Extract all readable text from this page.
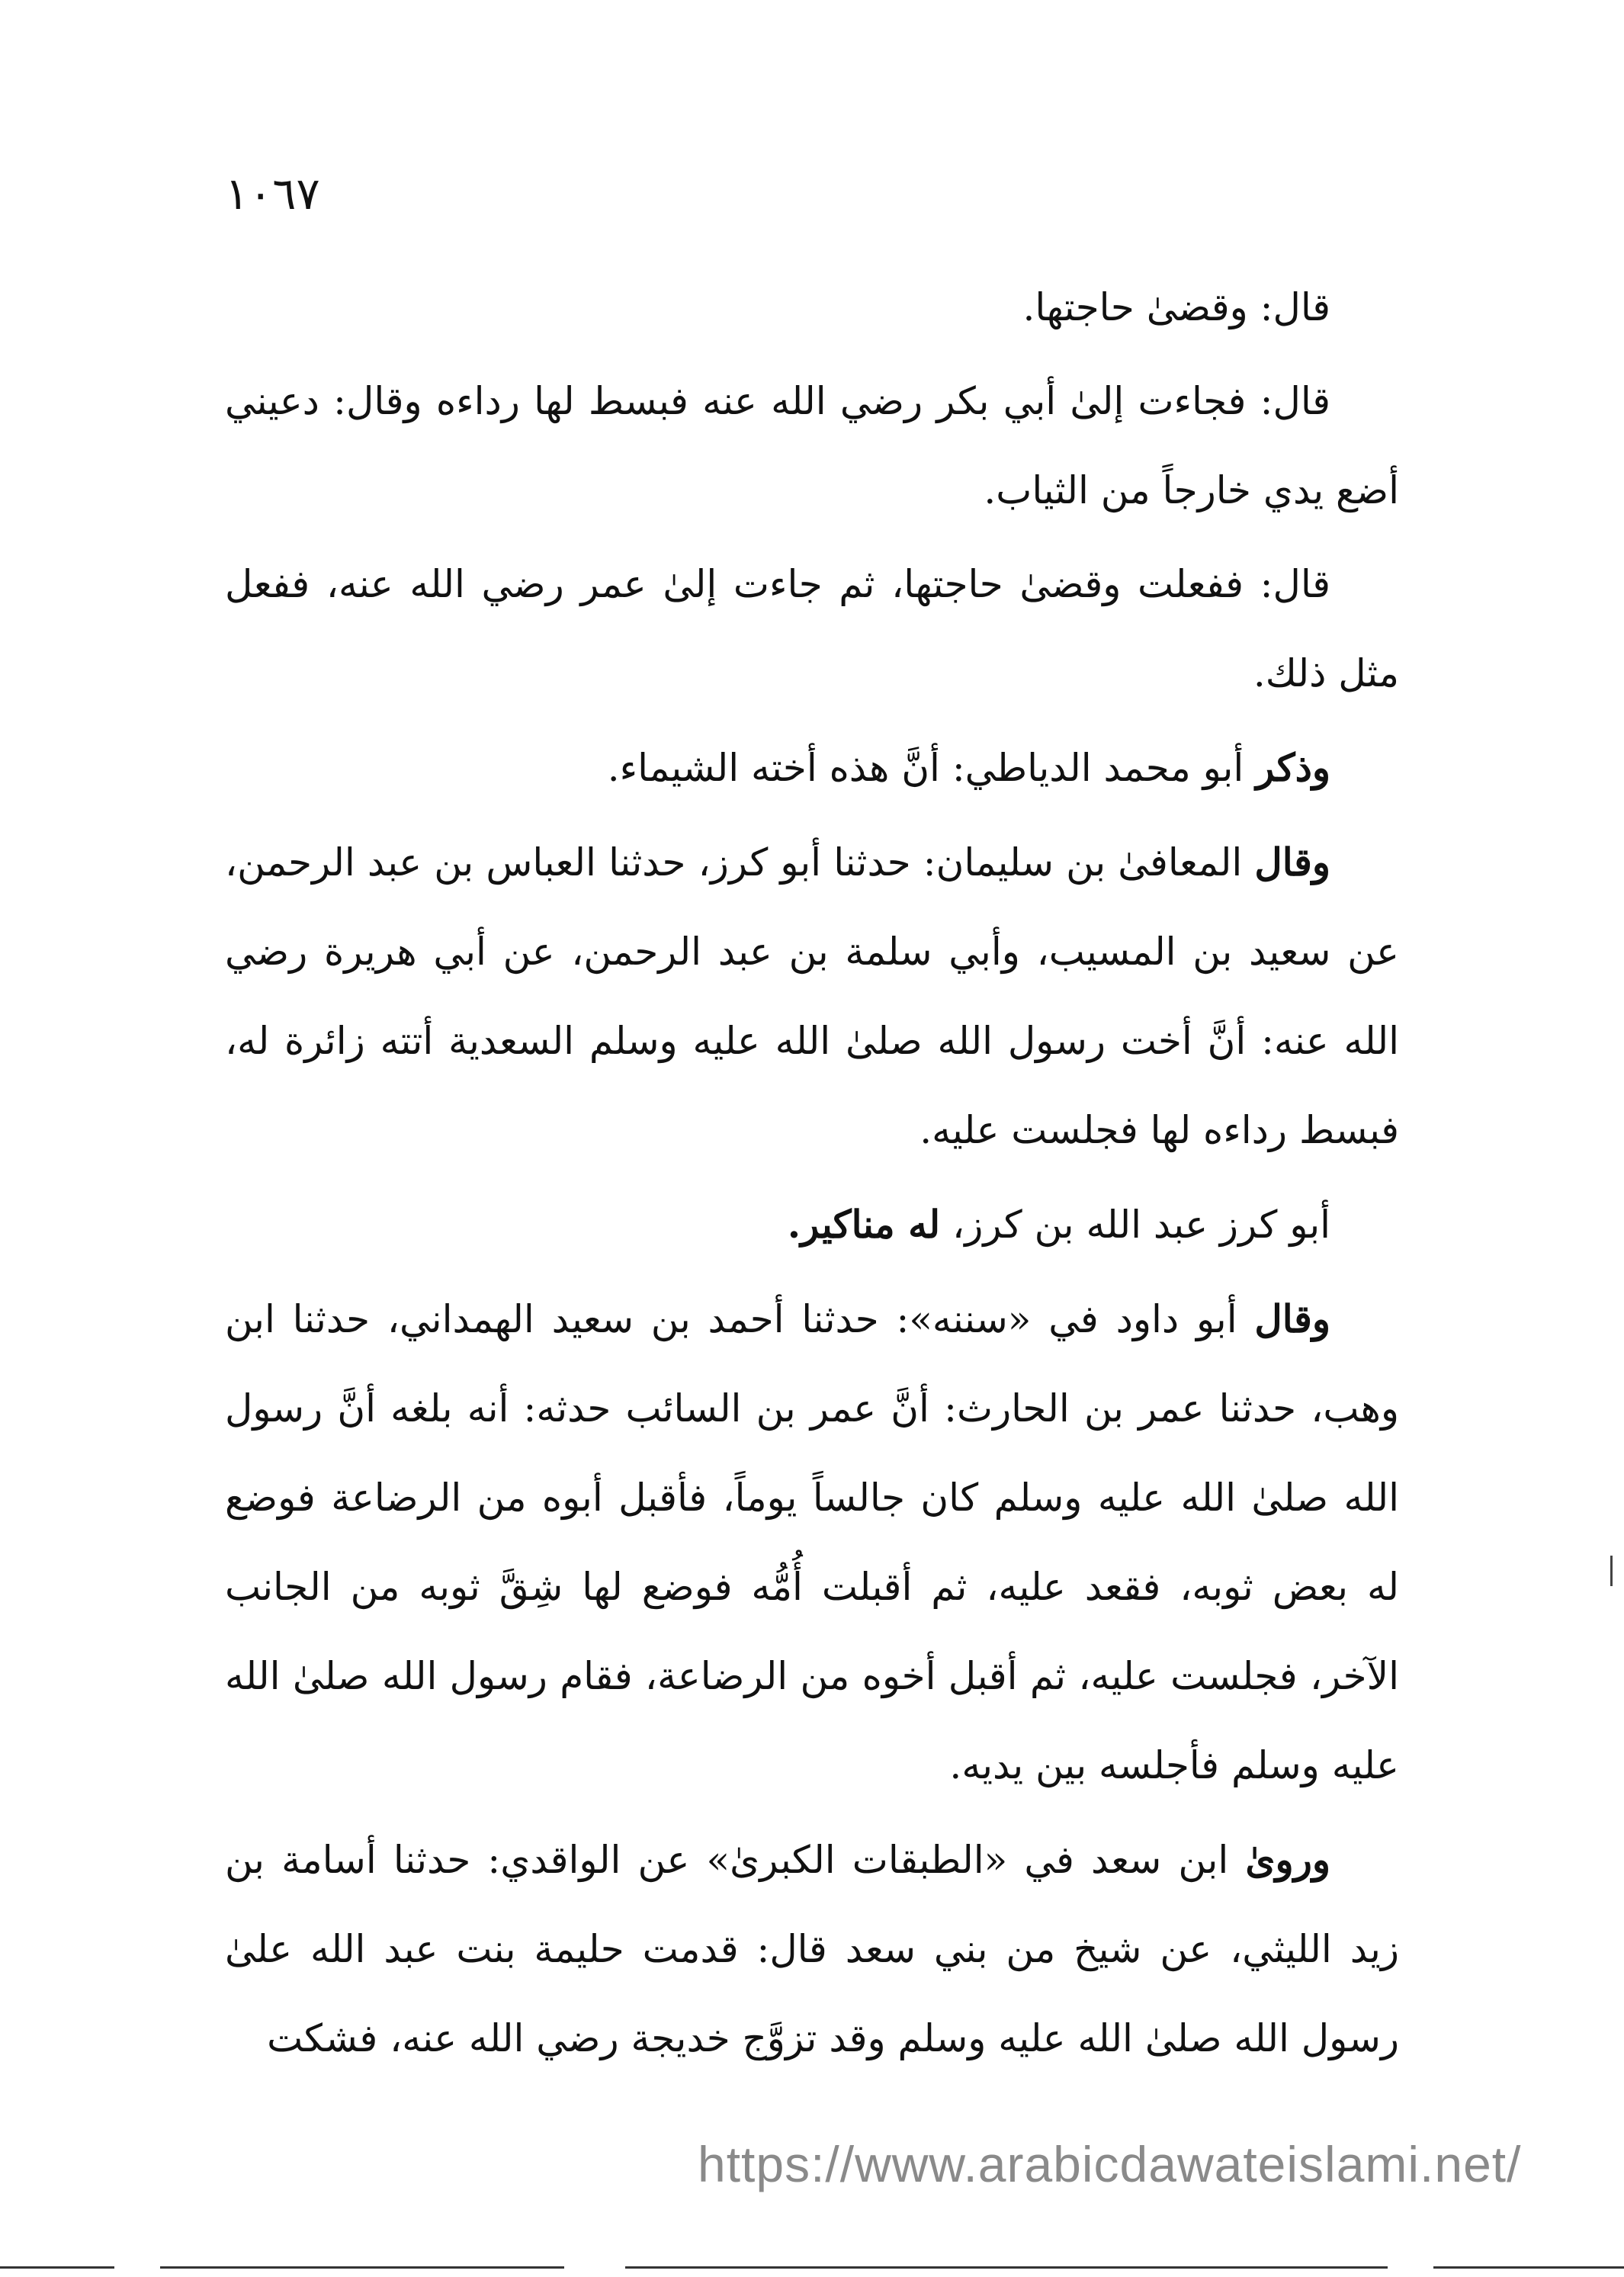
١٠٦٧

قال: وقضىٰ حاجتها.

قال: فجاءت إلىٰ أبي بكر رضي الله عنه فبسط لها رداءه وقال: دعيني أضع يدي خارجاً من الثياب.

قال: ففعلت وقضىٰ حاجتها، ثم جاءت إلىٰ عمر رضي الله عنه، ففعل مثل ذلك.

وذكر أبو محمد الدياطي: أنَّ هذه أخته الشيماء.

وقال المعافىٰ بن سليمان: حدثنا أبو كرز، حدثنا العباس بن عبد الرحمن، عن سعيد بن المسيب، وأبي سلمة بن عبد الرحمن، عن أبي هريرة رضي الله عنه: أنَّ أخت رسول الله صلىٰ الله عليه وسلم السعدية أتته زائرة له، فبسط رداءه لها فجلست عليه.

أبو كرز عبد الله بن كرز، له مناكير.

وقال أبو داود في «سننه»: حدثنا أحمد بن سعيد الهمداني، حدثنا ابن وهب، حدثنا عمر بن الحارث: أنَّ عمر بن السائب حدثه: أنه بلغه أنَّ رسول الله صلىٰ الله عليه وسلم كان جالساً يوماً، فأقبل أبوه من الرضاعة فوضع له بعض ثوبه، فقعد عليه، ثم أقبلت أُمُّه فوضع لها شِقَّ ثوبه من الجانب الآخر، فجلست عليه، ثم أقبل أخوه من الرضاعة، فقام رسول الله صلىٰ الله عليه وسلم فأجلسه بين يديه.

وروىٰ ابن سعد في «الطبقات الكبرىٰ» عن الواقدي: حدثنا أسامة بن زيد الليثي، عن شيخ من بني سعد قال: قدمت حليمة بنت عبد الله علىٰ رسول الله صلىٰ الله عليه وسلم وقد تزوَّج خديجة رضي الله عنه، فشكت

https://www.arabicdawateislami.net/
